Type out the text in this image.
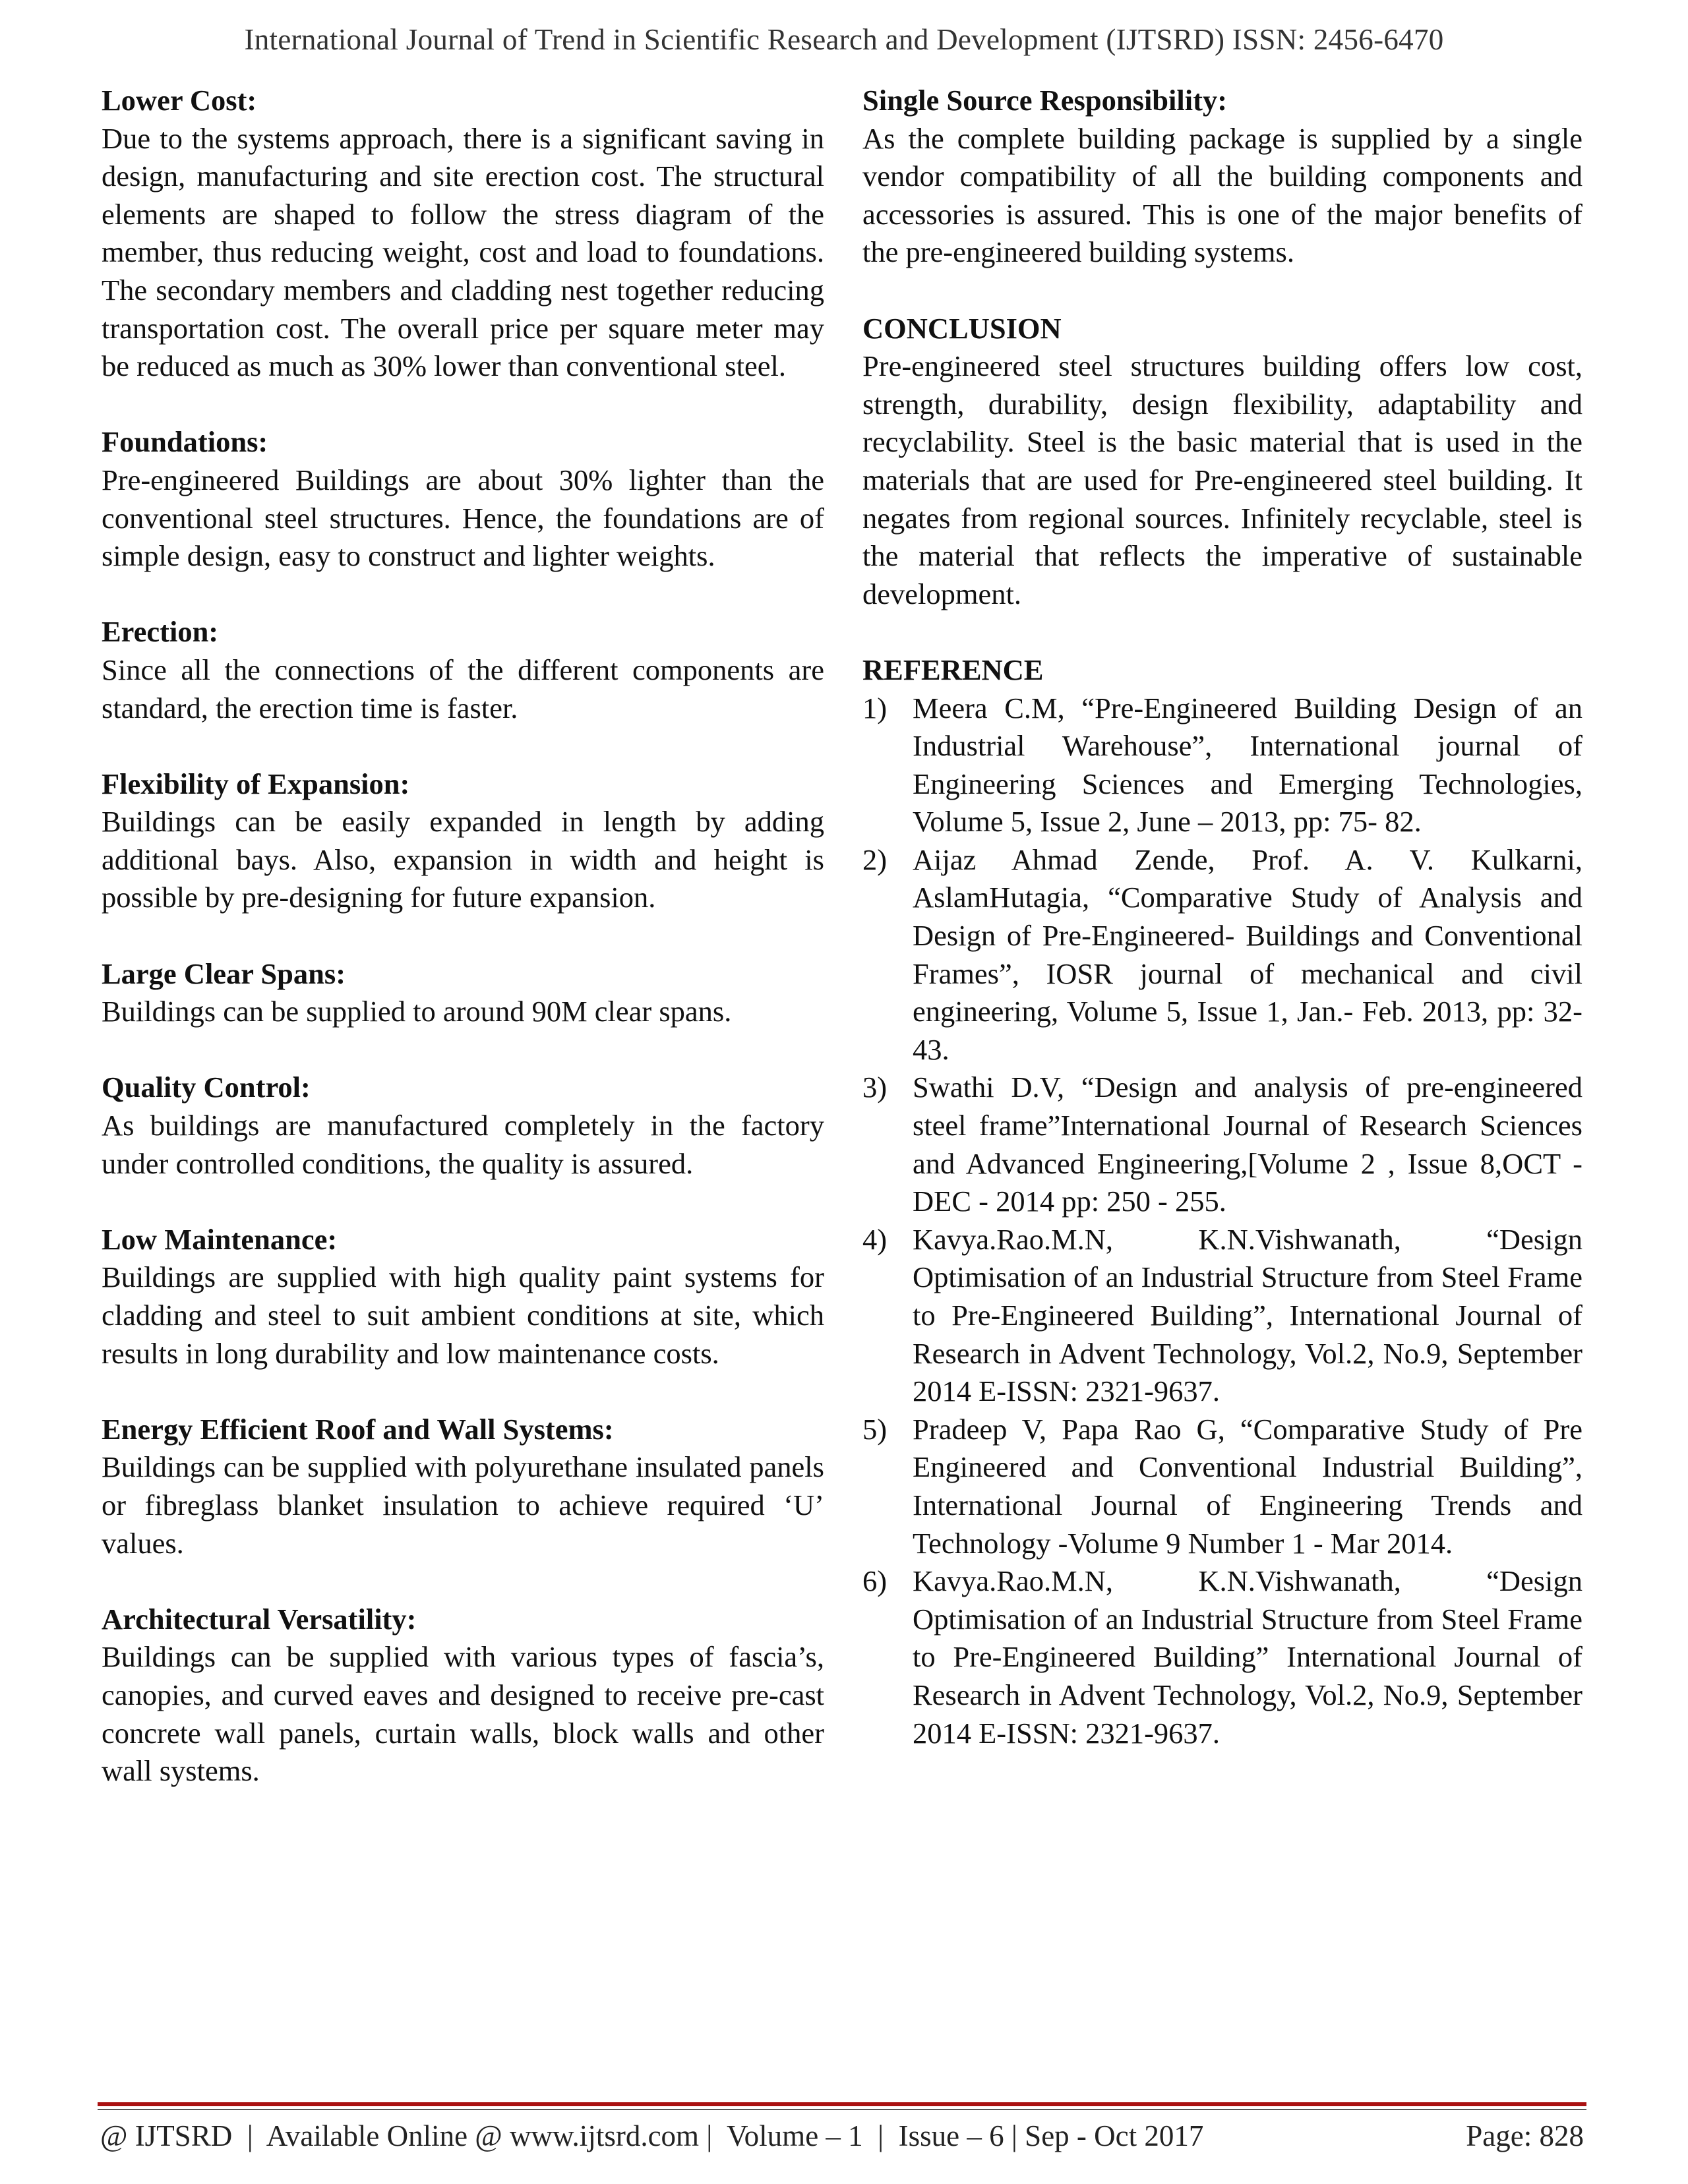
International Journal of Trend in Scientific Research and Development (IJTSRD) ISSN: 2456-6470
Lower Cost:
Due to the systems approach, there is a significant saving in design, manufacturing and site erection cost. The structural elements are shaped to follow the stress diagram of the member, thus reducing weight, cost and load to foundations. The secondary members and cladding nest together reducing transportation cost. The overall price per square meter may be reduced as much as 30% lower than conventional steel.
Foundations:
Pre-engineered Buildings are about 30% lighter than the conventional steel structures. Hence, the foundations are of simple design, easy to construct and lighter weights.
Erection:
Since all the connections of the different components are standard, the erection time is faster.
Flexibility of Expansion:
Buildings can be easily expanded in length by adding additional bays. Also, expansion in width and height is possible by pre-designing for future expansion.
Large Clear Spans:
Buildings can be supplied to around 90M clear spans.
Quality Control:
As buildings are manufactured completely in the factory under controlled conditions, the quality is assured.
Low Maintenance:
Buildings are supplied with high quality paint systems for cladding and steel to suit ambient conditions at site, which results in long durability and low maintenance costs.
Energy Efficient Roof and Wall Systems:
Buildings can be supplied with polyurethane insulated panels or fibreglass blanket insulation to achieve required ‘U’ values.
Architectural Versatility:
Buildings can be supplied with various types of fascia’s, canopies, and curved eaves and designed to receive pre-cast concrete wall panels, curtain walls, block walls and other wall systems.
Single Source Responsibility:
As the complete building package is supplied by a single vendor compatibility of all the building components and accessories is assured. This is one of the major benefits of the pre-engineered building systems.
CONCLUSION
Pre-engineered steel structures building offers low cost, strength, durability, design flexibility, adaptability and recyclability. Steel is the basic material that is used in the materials that are used for Pre-engineered steel building. It negates from regional sources. Infinitely recyclable, steel is the material that reflects the imperative of sustainable development.
REFERENCE
1) Meera C.M, “Pre-Engineered Building Design of an Industrial Warehouse”, International journal of Engineering Sciences and Emerging Technologies, Volume 5, Issue 2, June – 2013, pp: 75- 82.
2) Aijaz Ahmad Zende, Prof. A. V. Kulkarni, AslamHutagia, “Comparative Study of Analysis and Design of Pre-Engineered- Buildings and Conventional Frames”, IOSR journal of mechanical and civil engineering, Volume 5, Issue 1, Jan.- Feb. 2013, pp: 32- 43.
3) Swathi D.V, “Design and analysis of pre-engineered steel frame”International Journal of Research Sciences and Advanced Engineering,[Volume 2 , Issue 8,OCT -DEC - 2014 pp: 250 - 255.
4) Kavya.Rao.M.N, K.N.Vishwanath, “Design Optimisation of an Industrial Structure from Steel Frame to Pre-Engineered Building”, International Journal of Research in Advent Technology, Vol.2, No.9, September 2014 E-ISSN: 2321-9637.
5) Pradeep V, Papa Rao G, “Comparative Study of Pre Engineered and Conventional Industrial Building”, International Journal of Engineering Trends and Technology -Volume 9 Number 1 - Mar 2014.
6) Kavya.Rao.M.N, K.N.Vishwanath, “Design Optimisation of an Industrial Structure from Steel Frame to Pre-Engineered Building” International Journal of Research in Advent Technology, Vol.2, No.9, September 2014 E-ISSN: 2321-9637.
@ IJTSRD  |  Available Online @ www.ijtsrd.com |  Volume – 1  |  Issue – 6 | Sep - Oct 2017	Page: 828
